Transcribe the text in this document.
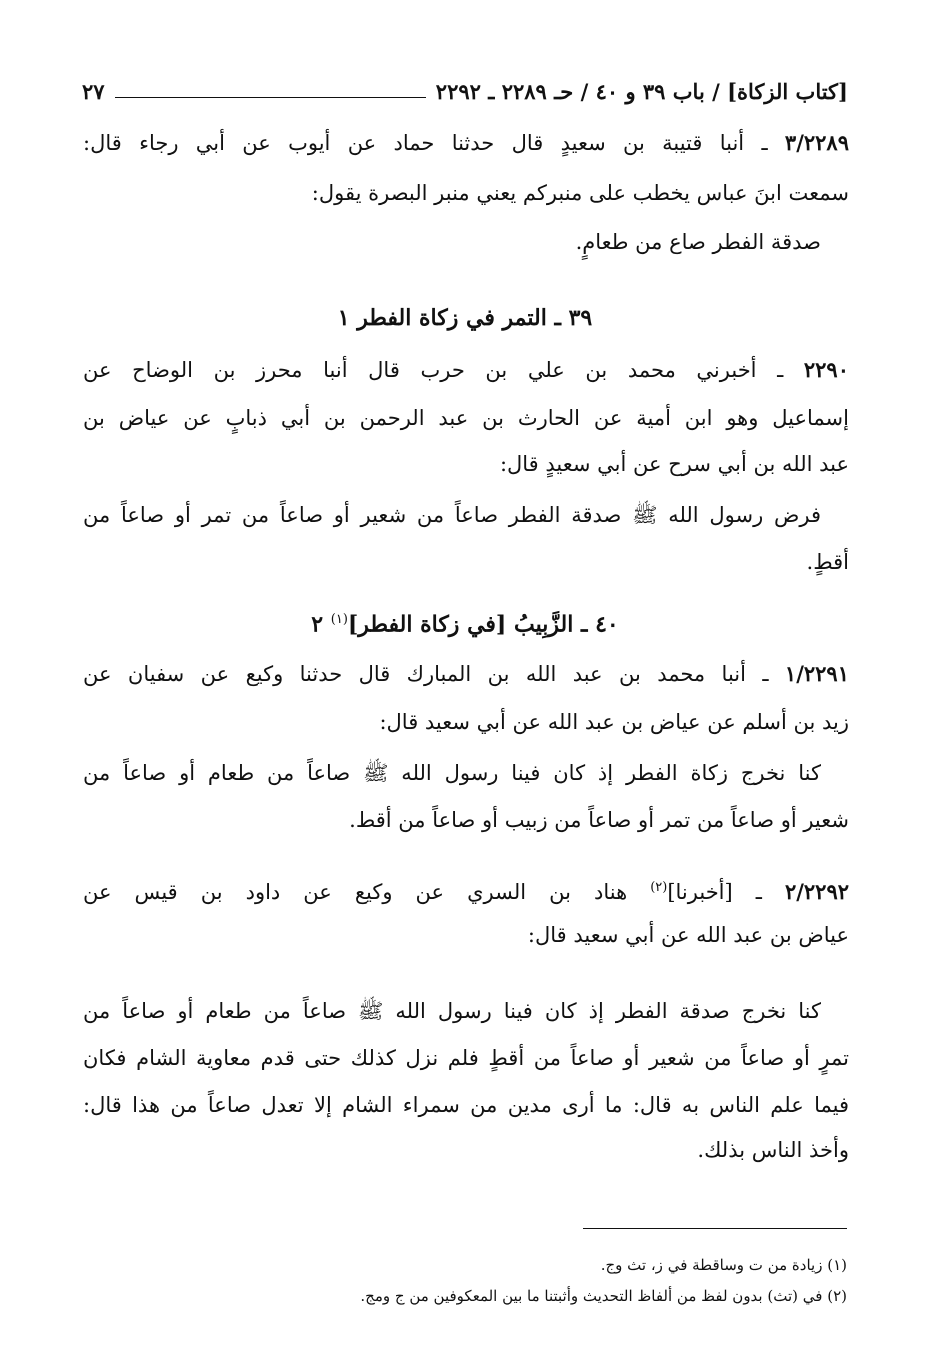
[كتاب الزكاة] / باب ٣٩ و ٤٠ / حـ ٢٢٨٩ ـ ٢٢٩٢
٢٧
٣/٢٢٨٩ ـ أنبا قتيبة بن سعيدٍ قال حدثنا حماد عن أيوب عن أبي رجاء قال:
سمعت ابنَ عباس يخطب على منبركم يعني منبر البصرة يقول:
صدقة الفطر صاع من طعامٍ.
٣٩ ـ التمر في زكاة الفطر ١
٢٢٩٠ ـ أخبرني محمد بن علي بن حرب قال أنبا محرز بن الوضاح عن
إسماعيل وهو ابن أمية عن الحارث بن عبد الرحمن بن أبي ذبابٍ عن عياض بن
عبد الله بن أبي سرح عن أبي سعيدٍ قال:
فرض رسول الله ﷺ صدقة الفطر صاعاً من شعير أو صاعاً من تمر أو صاعاً من
أقطٍ.
٤٠ ـ الزَّبِيبُ [في زكاة الفطر]$^{(١)}$ ٢
١/٢٢٩١ ـ أنبا محمد بن عبد الله بن المبارك قال حدثنا وكيع عن سفيان عن
زيد بن أسلم عن عياض بن عبد الله عن أبي سعيد قال:
كنا نخرج زكاة الفطر إذ كان فينا رسول الله ﷺ صاعاً من طعام أو صاعاً من
شعير أو صاعاً من تمر أو صاعاً من زبيب أو صاعاً من أقط.
٢/٢٢٩٢ ـ [أخبرنا]$^{(٢)}$ هناد بن السري عن وكيع عن داود بن قيس عن
عياض بن عبد الله عن أبي سعيد قال:
كنا نخرج صدقة الفطر إذ كان فينا رسول الله ﷺ صاعاً من طعام أو صاعاً من
تمرٍ أو صاعاً من شعير أو صاعاً من أقطٍ فلم نزل كذلك حتى قدم معاوية الشام فكان
فيما علم الناس به قال: ما أرى مدين من سمراء الشام إلا تعدل صاعاً من هذا قال:
وأخذ الناس بذلك.
(١) زيادة من ت وساقطة في ز، تث وج.
(٢) في (تث) بدون لفظ من ألفاظ التحديث وأثبتنا ما بين المعكوفين من ج ومج.
